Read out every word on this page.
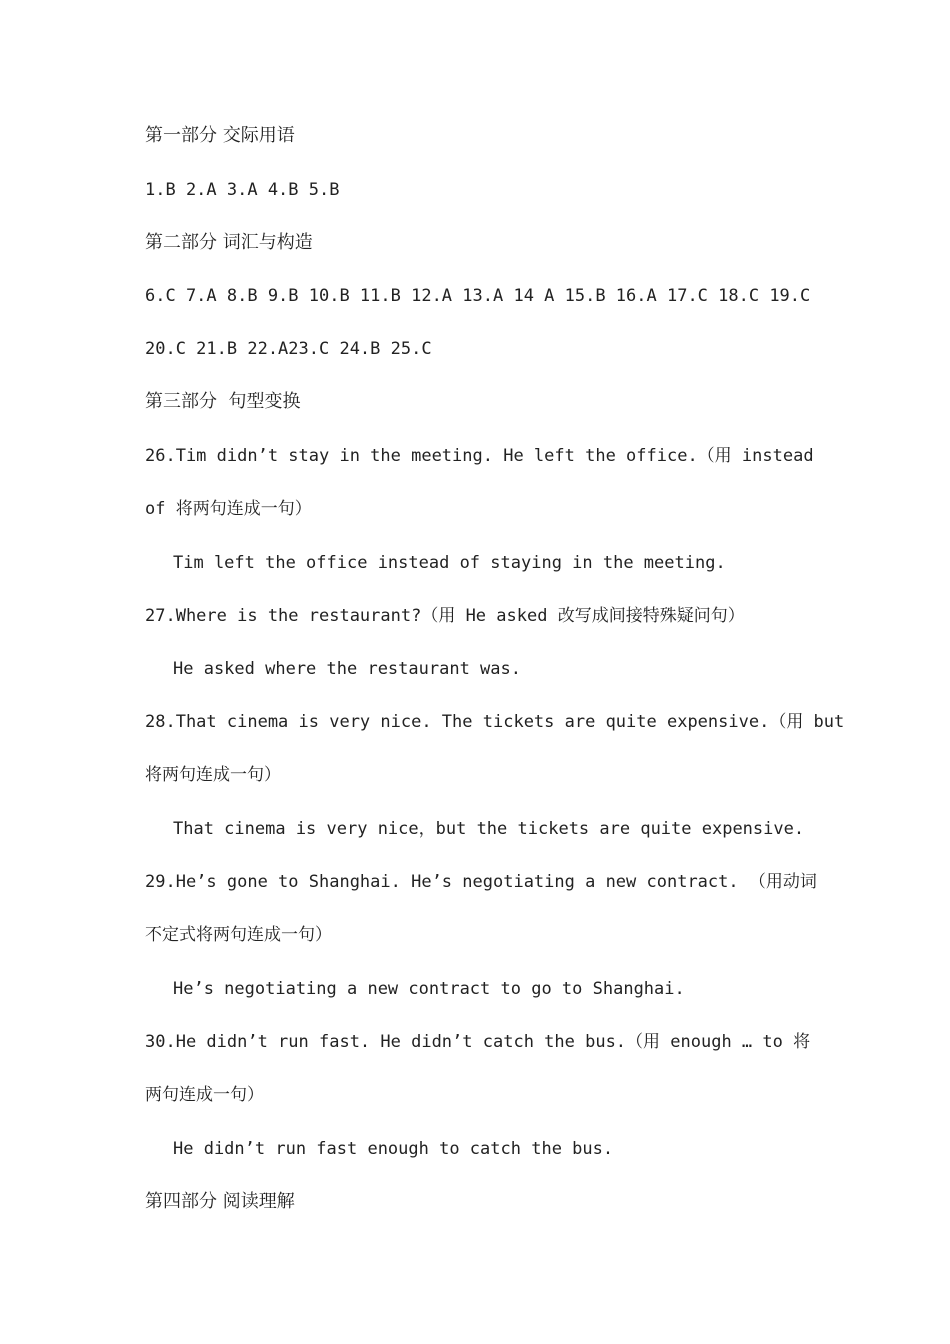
第一部分 交际用语
1.B 2.A 3.A 4.B 5.B
第二部分 词汇与构造
6.C 7.A 8.B 9.B 10.B 11.B 12.A 13.A 14 A 15.B 16.A 17.C 18.C 19.C
20.C 21.B 22.A23.C 24.B 25.C
第三部分  句型变换
26.Tim didn’t stay in the meeting. He left the office.（用 instead
of 将两句连成一句）
Tim left the office instead of staying in the meeting.
27.Where is the restaurant?（用 He asked 改写成间接特殊疑问句）
He asked where the restaurant was.
28.That cinema is very nice. The tickets are quite expensive.（用 but
将两句连成一句）
That cinema is very nice，but the tickets are quite expensive.
29.He’s gone to Shanghai. He’s negotiating a new contract. （用动词
不定式将两句连成一句）
He’s negotiating a new contract to go to Shanghai.
30.He didn’t run fast. He didn’t catch the bus.（用 enough … to 将
两句连成一句）
He didn’t run fast enough to catch the bus.
第四部分 阅读理解
